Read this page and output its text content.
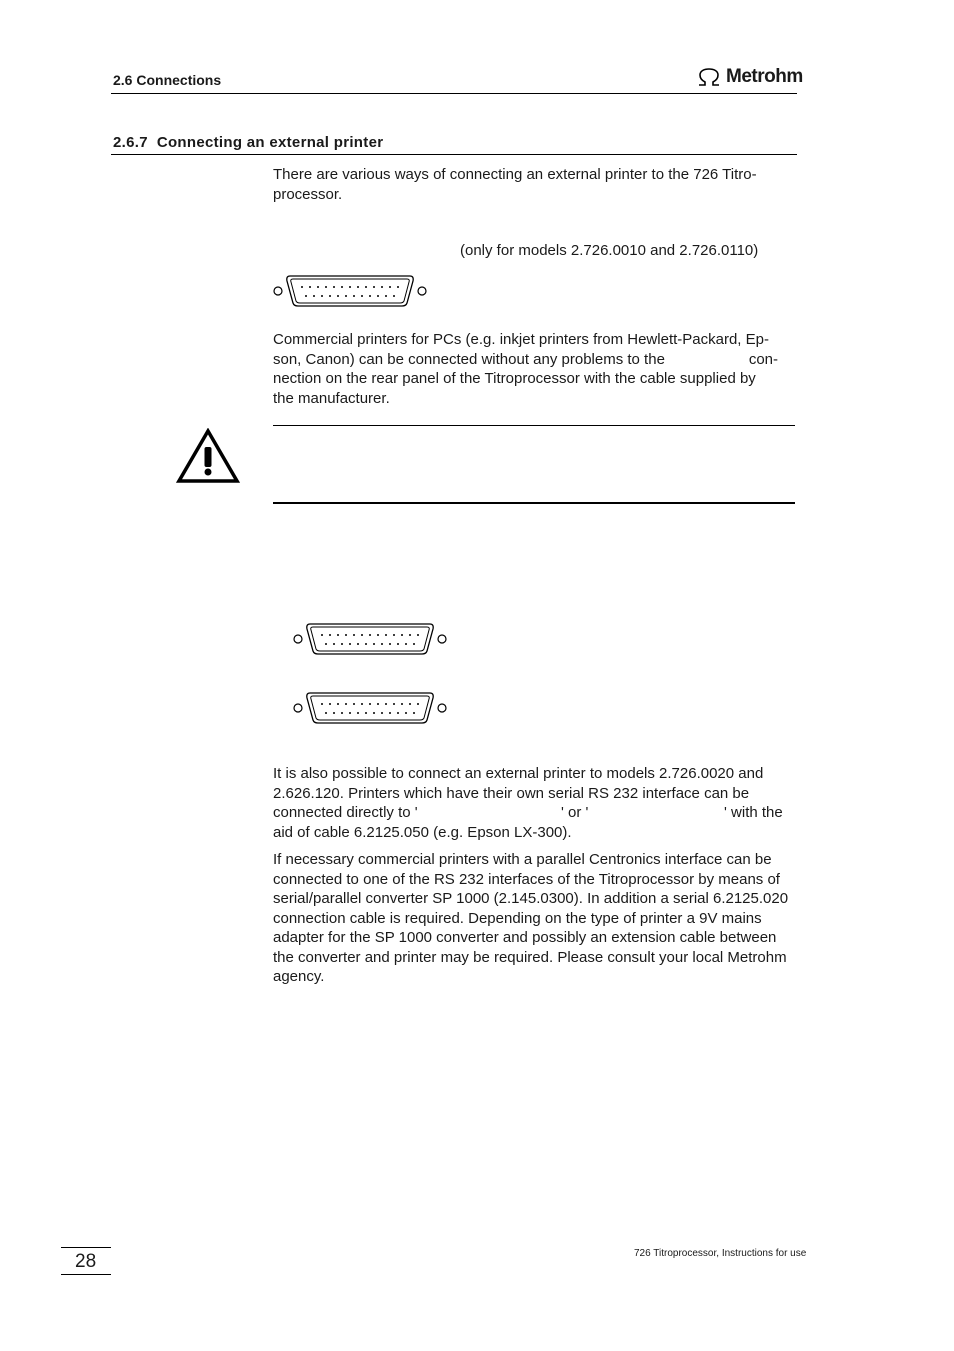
2.6 Connections	Metrohm
2.6.7 Connecting an external printer
There are various ways of connecting an external printer to the 726 Titro-processor.
(only for models 2.726.0010 and 2.726.0110)
Commercial printers for PCs (e.g. inkjet printers from Hewlett-Packard, Ep-
son, Canon) can be connected without any problems to the	con-
nection on the rear panel of the Titroprocessor with the cable supplied by
the manufacturer.
It is also possible to connect an external printer to models 2.726.0020 and
2.626.120. Printers which have their own serial RS 232 interface can be
connected directly to '	' or '	' with the
aid of cable 6.2125.050 (e.g. Epson LX-300).
If necessary commercial printers with a parallel Centronics interface can be connected to one of the RS 232 interfaces of the Titroprocessor by means of serial/parallel converter SP 1000 (2.145.0300). In addition a serial 6.2125.020 connection cable is required. Depending on the type of printer a 9V mains adapter for the SP 1000 converter and possibly an extension cable between the converter and printer may be required. Please consult your local Metrohm agency.
28	726 Titroprocessor, Instructions for use
